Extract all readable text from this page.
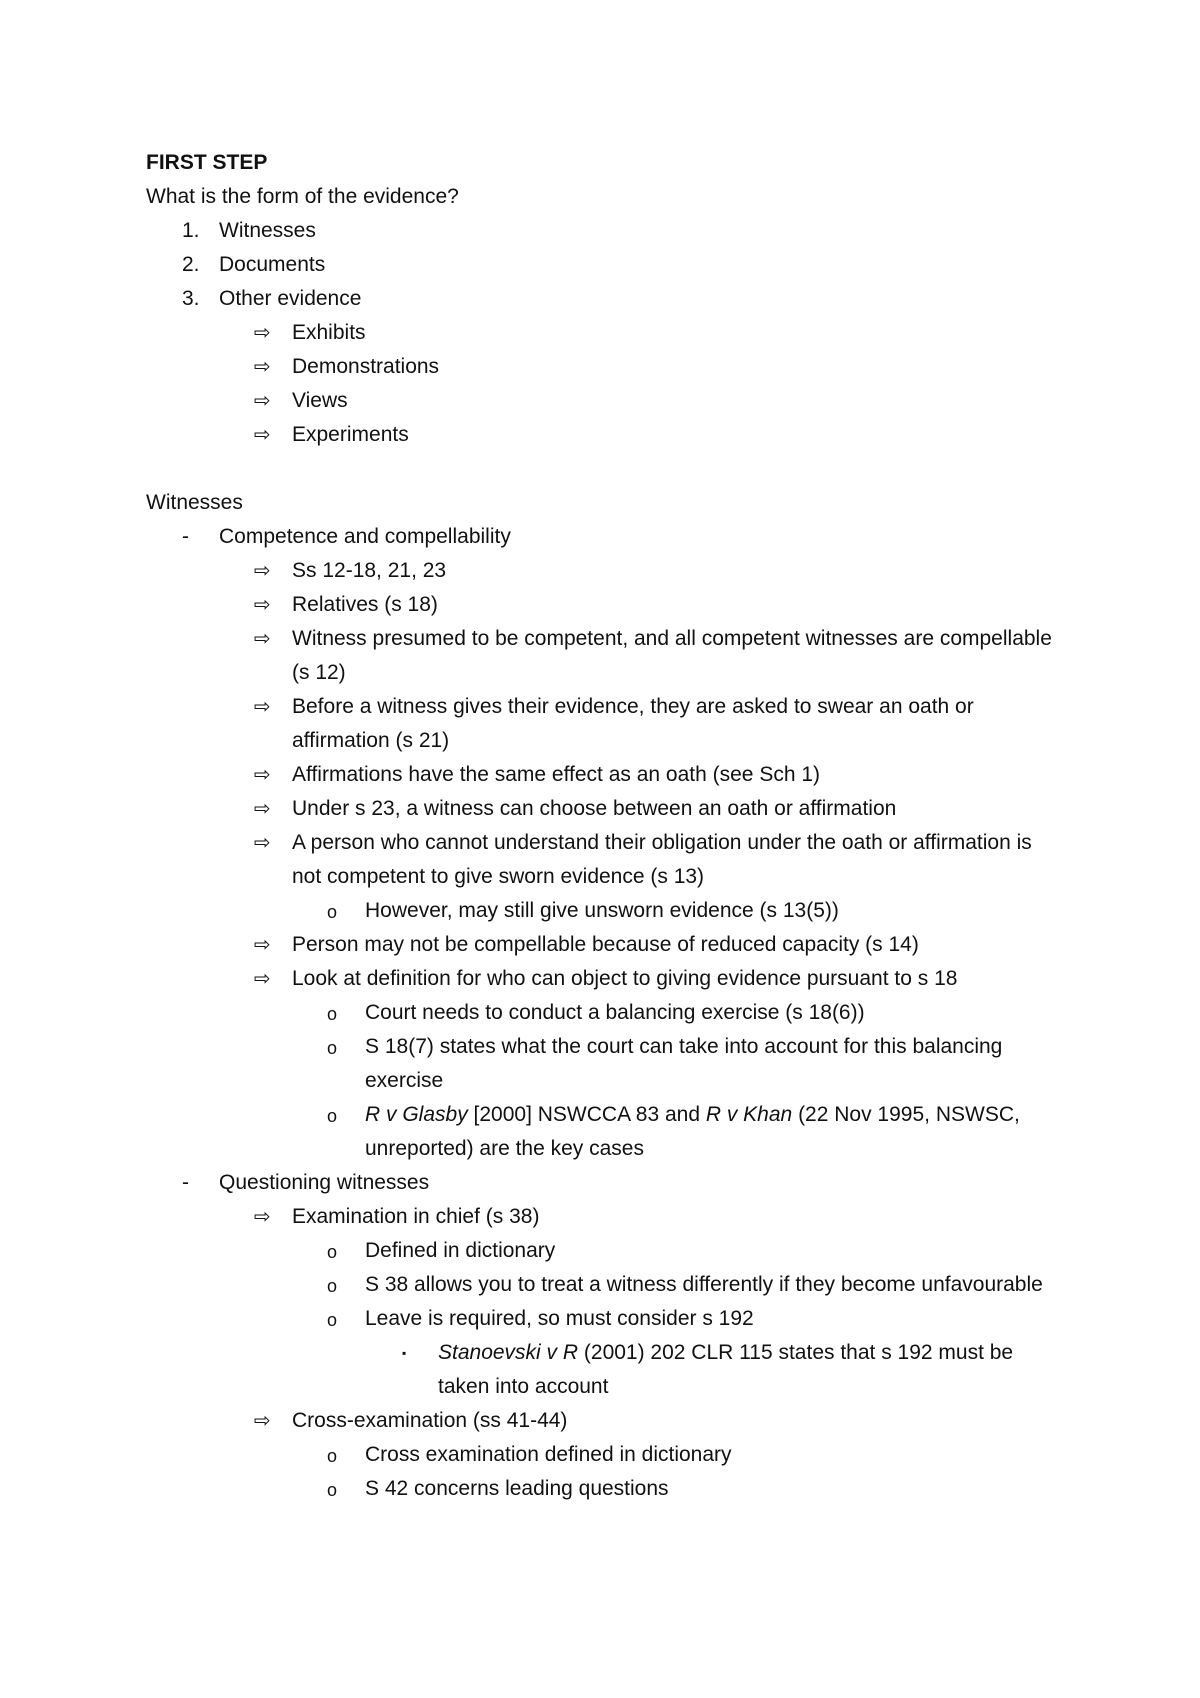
FIRST STEP
What is the form of the evidence?
1. Witnesses
2. Documents
3. Other evidence
⇨ Exhibits
⇨ Demonstrations
⇨ Views
⇨ Experiments
Witnesses
- Competence and compellability
⇨ Ss 12-18, 21, 23
⇨ Relatives (s 18)
⇨ Witness presumed to be competent, and all competent witnesses are compellable (s 12)
⇨ Before a witness gives their evidence, they are asked to swear an oath or affirmation (s 21)
⇨ Affirmations have the same effect as an oath (see Sch 1)
⇨ Under s 23, a witness can choose between an oath or affirmation
⇨ A person who cannot understand their obligation under the oath or affirmation is not competent to give sworn evidence (s 13)
o However, may still give unsworn evidence (s 13(5))
⇨ Person may not be compellable because of reduced capacity (s 14)
⇨ Look at definition for who can object to giving evidence pursuant to s 18
o Court needs to conduct a balancing exercise (s 18(6))
o S 18(7) states what the court can take into account for this balancing exercise
o R v Glasby [2000] NSWCCA 83 and R v Khan (22 Nov 1995, NSWSC, unreported) are the key cases
- Questioning witnesses
⇨ Examination in chief (s 38)
o Defined in dictionary
o S 38 allows you to treat a witness differently if they become unfavourable
o Leave is required, so must consider s 192
▪ Stanoevski v R (2001) 202 CLR 115 states that s 192 must be taken into account
⇨ Cross-examination (ss 41-44)
o Cross examination defined in dictionary
o S 42 concerns leading questions
